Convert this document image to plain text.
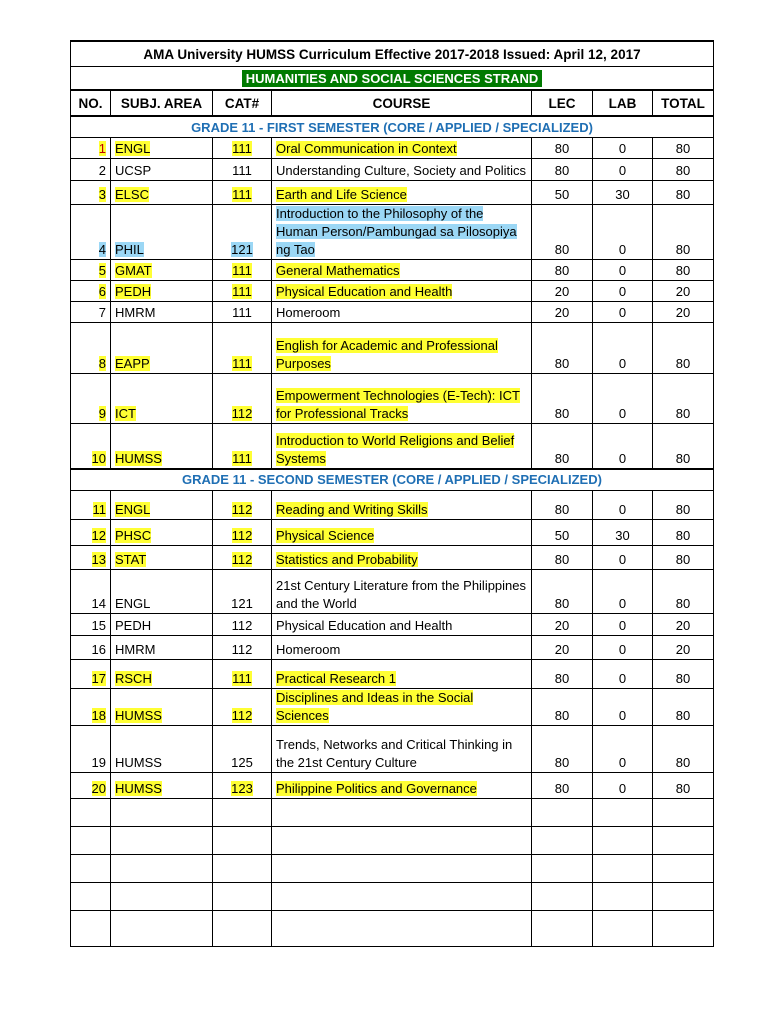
AMA University HUMSS Curriculum Effective 2017-2018 Issued: April 12, 2017						
HUMANITIES AND SOCIAL SCIENCES STRAND						
NO.	SUBJ. AREA	CAT#	COURSE	LEC	LAB	TOTAL
GRADE 11 - FIRST SEMESTER (CORE / APPLIED / SPECIALIZED)						
1	ENGL	111	Oral Communication in Context	80	0	80
2	UCSP	111	Understanding Culture, Society and Politics	80	0	80
3	ELSC	111	Earth and Life Science	50	30	80
4	PHIL	121	Introduction to the Philosophy of the Human Person/Pambungad sa Pilosopiya ng Tao	80	0	80
5	GMAT	111	General Mathematics	80	0	80
6	PEDH	111	Physical Education and Health	20	0	20
7	HMRM	111	Homeroom	20	0	20
8	EAPP	111	English for Academic and Professional Purposes	80	0	80
9	ICT	112	Empowerment Technologies (E-Tech): ICT for Professional Tracks	80	0	80
10	HUMSS	111	Introduction to World Religions and Belief Systems	80	0	80
GRADE 11 - SECOND SEMESTER (CORE / APPLIED / SPECIALIZED)						
11	ENGL	112	Reading and Writing Skills	80	0	80
12	PHSC	112	Physical Science	50	30	80
13	STAT	112	Statistics and Probability	80	0	80
14	ENGL	121	21st Century Literature from the Philippines and the World	80	0	80
15	PEDH	112	Physical Education and Health	20	0	20
16	HMRM	112	Homeroom	20	0	20
17	RSCH	111	Practical Research 1	80	0	80
18	HUMSS	112	Disciplines and Ideas in the Social Sciences	80	0	80
19	HUMSS	125	Trends, Networks and Critical Thinking in the 21st Century Culture	80	0	80
20	HUMSS	123	Philippine Politics and Governance	80	0	80
